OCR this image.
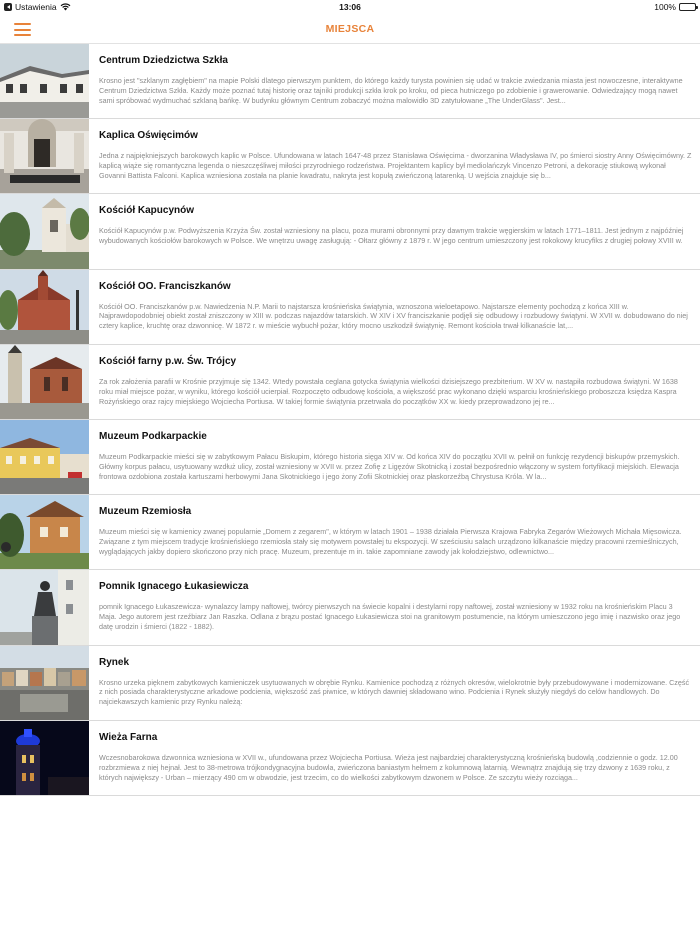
Ustawienia	13:06	100%
MIEJSCA
Centrum Dziedzictwa Szkła
Krosno jest "szklanym zagłębiem" na mapie Polski dlatego pierwszym punktem, do którego każdy turysta powinien się udać w trakcie zwiedzania miasta jest nowoczesne, interaktywne Centrum Dziedzictwa Szkła. Każdy może poznać tutaj historię oraz tajniki produkcji szkła krok po kroku, od pieca hutniczego po zdobienie i grawerowanie. Odwiedzający mogą nawet sami spróbować wydmuchać szklaną bańkę. W budynku głównym Centrum zobaczyć można malowidło 3D zatytułowane „The UnderGlass". Jest...
Kaplica Oświęcimów
Jedna z najpiękniejszych barokowych kaplic w Polsce. Ufundowana w latach 1647-48 przez Stanisława Oświęcima - dworzanina Władysława IV, po śmierci siostry Anny Oświęcimówny. Z kaplicą wiąże się romantyczna legenda o nieszczęśliwej miłości przyrodniego rodzeństwa. Projektantem kaplicy był mediolańczyk Vincenzo Petroni, a dekorację stiukową wykonał Govanni Battista Falconi. Kaplica wzniesiona została na planie kwadratu, nakryta jest kopułą zwieńczoną latarenką. U wejścia znajduje się b...
Kościół Kapucynów
Kościół Kapucynów p.w. Podwyższenia Krzyża Św. został wzniesiony na placu, poza murami obronnymi przy dawnym trakcie węgierskim w latach 1771–1811. Jest jednym z najpóźniej wybudowanych kościołów barokowych w Polsce. We wnętrzu uwagę zasługują: - Ołtarz główny z 1879 r. W jego centrum umieszczony jest rokokowy krucyfiks z drugiej połowy XVIII w.
Kościół OO. Franciszkanów
Kościół OO. Franciszkanów p.w. Nawiedzenia N.P. Marii to najstarsza krośnieńska świątynia, wznoszona wieloetapowo. Najstarsze elementy pochodzą z końca XIII w. Najprawdopodobniej obiekt został zniszczony w XIII w. podczas najazdów tatarskich. W XIV i XV franciszkanie podjęli się odbudowy i rozbudowy świątyni. W XVII w. dobudowano do niej cztery kaplice, kruchtę oraz dzwonnicę. W 1872 r. w mieście wybuchł pożar, który mocno uszkodził świątynię. Remont kościoła trwał kilkanaście lat,...
Kościół farny p.w. Św. Trójcy
Za rok założenia parafii w Krośnie przyjmuje się 1342. Wtedy powstała ceglana gotycka świątynia wielkości dzisiejszego prezbiterium. W XV w. nastąpiła rozbudowa świątyni. W 1638 roku miał miejsce pożar, w wyniku, którego kościół ucierpiał. Rozpoczęto odbudowę kościoła, a większość prac wykonano dzięki wsparciu krośnieńskiego proboszcza księdza Kaspra Rożyńskiego oraz rajcy miejskiego Wojciecha Portiusa. W takiej formie świątynia przetrwała do początków XX w. kiedy przeprowadzono jej re...
Muzeum Podkarpackie
Muzeum Podkarpackie mieści się w zabytkowym Pałacu Biskupim, którego historia sięga XIV w. Od końca XIV do początku XVII w. pełnił on funkcję rezydencji biskupów przemyskich. Główny korpus pałacu, usytuowany wzdłuż ulicy, został wzniesiony w XVII w. przez Zofię z Ligęzów Skotnicką i został bezpośrednio włączony w system fortyfikacji miejskich. Elewacja frontowa ozdobiona została kartuszami herbowymi Jana Skotnickiego i jego żony Zofii Skotnickiej oraz płaskorzeźbą Chrystusa Króla. W la...
Muzeum Rzemiosła
Muzeum mieści się w kamienicy zwanej popularnie „Domem z zegarem", w którym w latach 1901 – 1938 działała Pierwsza Krajowa Fabryka Zegarów Wieżowych Michała Mięsowicza. Związane z tym miejscem tradycje krośnieńskiego rzemiosła stały się motywem powstałej tu ekspozycji. W sześciusiu salach urządzono kilkanaście między pracowni rzemieślniczych, wyglądających jakby dopiero skończono przy nich pracę. Muzeum, prezentuje m in. takie zapomniane zawody jak kołodziejstwo, odlewnictwo...
Pomnik Ignacego Łukasiewicza
pomnik Ignacego Łukaszewicza- wynalazcy lampy naftowej, twórcy pierwszych na świecie kopalni i destylarni ropy naftowej, został wzniesiony w 1932 roku na krośnieńskim Placu 3 Maja. Jego autorem jest rzeźbiarz Jan Raszka. Odlana z brązu postać Ignacego Łukasiewicza stoi na granitowym postumencie, na którym umieszczono jego imię i nazwisko oraz jego datę urodzin i śmierci (1822 - 1882).
Rynek
Krosno urzeka pięknem zabytkowych kamieniczek usytuowanych w obrębie Rynku. Kamienice pochodzą z różnych okresów, wielokrotnie były przebudowywane i modernizowane. Część z nich posiada charakterystyczne arkadowe podcienia, większość zaś piwnice, w których dawniej składowano wino. Podcienia i Rynek służyły niegdyś do celów handlowych. Do najciekawszych kamienic przy Rynku należą:
Wieża Farna
Wczesnobarokowa dzwonnica wzniesiona w XVII w., ufundowana przez Wojciecha Portiusa. Wieża jest najbardziej charakterystyczną krośnieńską budowlą ,codziennie o godz. 12.00 rozbrzmiewa z niej hejnał. Jest to 38-metrowa trójkondygnacyjna budowla, zwieńczona baniastym hełmem z kolumnową latarnią. Wewnątrz znajdują się trzy dzwony z 1639 roku, z których największy - Urban – mierzący 490 cm w obwodzie, jest trzecim, co do wielkości zabytkowym dzwonem w Polsce. Ze szczytu wieży rozciąga...
